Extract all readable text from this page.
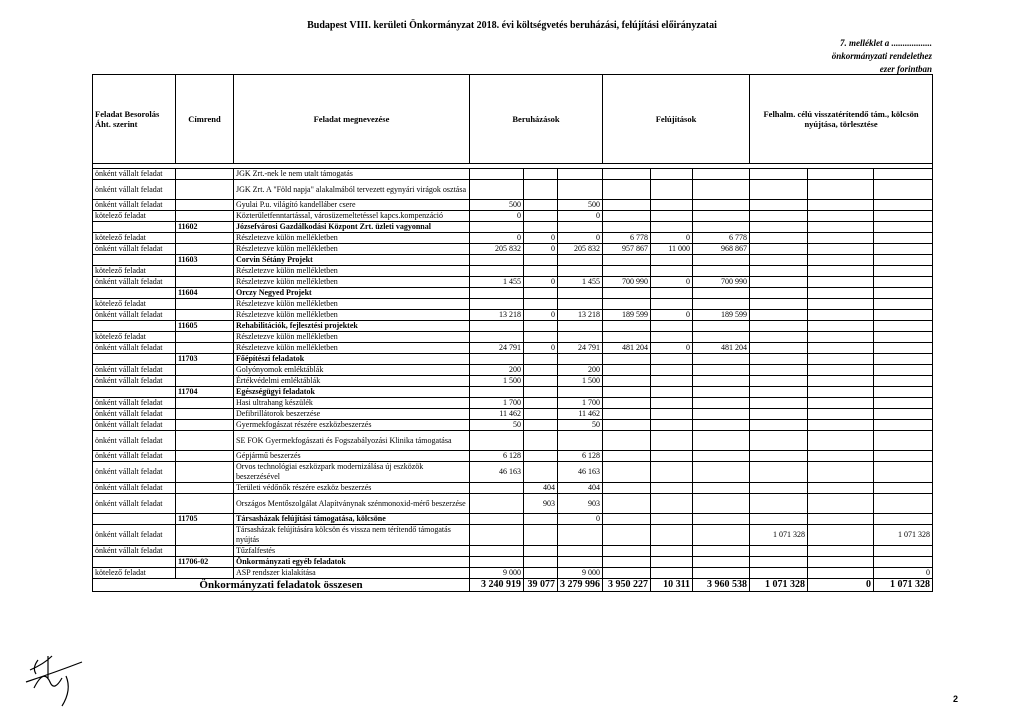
Budapest VIII. kerületi Önkormányzat 2018. évi költségvetés beruházási, felújítási előirányzatai
7. melléklet a ..................
önkormányzati rendelethez
ezer forintban
Feladat Besorolás Áht. szerint	Címrend	Feladat megnevezése	Beruházások			Felújítások			Felhalm. célú visszatérítendő tám., kölcsön nyújtása, törlesztése		

önként vállalt feladat		JGK Zrt.-nek le nem utalt támogatás									
önként vállalt feladat		JGK Zrt. A "Föld napja" alakalmából tervezett egynyári virágok osztása									
önként vállalt feladat		Gyulai P.u. világító kandelláber csere	500		500						
kötelező feladat		Közterületfenntartással, városüzemeltetéssel kapcs.kompenzáció	0		0						
	11602	Józsefvárosi Gazdálkodási Központ Zrt. üzleti vagyonnal									
kötelező feladat		Részletezve külön mellékletben	0	0	0	6 778	0	6 778			
önként vállalt feladat		Részletezve külön mellékletben	205 832	0	205 832	957 867	11 000	968 867			
	11603	Corvin Sétány Projekt									
kötelező feladat		Részletezve külön mellékletben									
önként vállalt feladat		Részletezve külön mellékletben	1 455	0	1 455	700 990	0	700 990			
	11604	Orczy Negyed Projekt									
kötelező feladat		Részletezve külön mellékletben									
önként vállalt feladat		Részletezve külön mellékletben	13 218	0	13 218	189 599	0	189 599			
	11605	Rehabilitációk, fejlesztési projektek									
kötelező feladat		Részletezve külön mellékletben									
önként vállalt feladat		Részletezve külön mellékletben	24 791	0	24 791	481 204	0	481 204			
	11703	Főépítészi feladatok									
önként vállalt feladat		Golyónyomok emléktáblák	200		200						
önként vállalt feladat		Értékvédelmi emléktáblák	1 500		1 500						
	11704	Egészségügyi feladatok									
önként vállalt feladat		Hasi ultrahang készülék	1 700		1 700						
önként vállalt feladat		Defibrillátorok beszerzése	11 462		11 462						
önként vállalt feladat		Gyermekfogászat részére eszközbeszerzés	50		50						
önként vállalt feladat		SE FOK Gyermekfogászati és Fogszabályozási Klinika támogatása									
önként vállalt feladat		Gépjármű beszerzés	6 128		6 128						
önként vállalt feladat		Orvos technológiai eszközpark modernizálása új eszközök beszerzésével	46 163		46 163						
önként vállalt feladat		Területi védőnők részére eszköz beszerzés		404	404						
önként vállalt feladat		Országos Mentőszolgálat Alapítványnak szénmonoxid-mérő beszerzése		903	903						
	11705	Társasházak felújítási támogatása, kölcsöne			0						
önként vállalt feladat		Társasházak felújítására kölcsön és vissza nem térítendő támogatás nyújtás							1 071 328		1 071 328
önként vállalt feladat		Tűzfalfestés									
	11706-02	Önkormányzati egyéb feladatok									
kötelező feladat		ASP rendszer kialakítása	9 000		9 000						0
Önkormányzati feladatok összesen			3 240 919	39 077	3 279 996	3 950 227	10 311	3 960 538	1 071 328	0	1 071 328
2
